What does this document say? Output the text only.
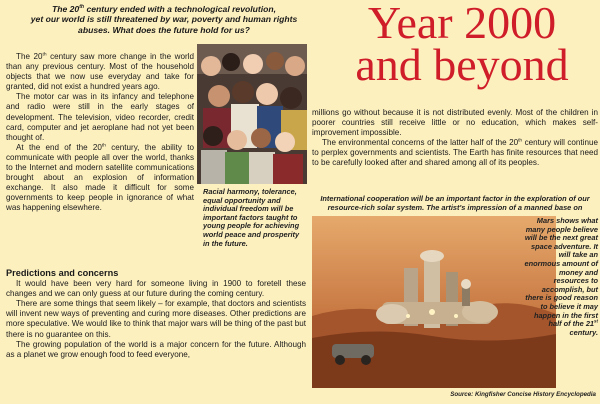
The 20th century ended with a technological revolution,
yet our world is still threatened by war, poverty and human rights
abuses. What does the future hold for us?	Year 2000
and beyond

The 20th century saw more change in the world than any previous century. Most of the household objects that we now use everyday and take for granted, did not exist a hundred years ago.

The motor car was in its infancy and telephone and radio were still in the early stages of development. The television, video recorder, credit card, computer and jet aeroplane had not yet been thought of.

At the end of the 20th century, the ability to communicate with people all over the world, thanks to the Internet and modern satellite communications brought about an explosion of information exchange. It also made it difficult for some governments to keep people in ignorance of what was happening elsewhere.

Racial harmony, tolerance, equal opportunity and individual freedom will be important factors taught to young people for achieving world peace and prosperity in the future.
Predictions and concerns

It would have been very hard for someone living in 1900 to foretell these changes and we can only guess at our future during the coming century.

There are some things that seem likely – for example, that doctors and scientists will invent new ways of preventing and curing more diseases. Other predictions are more speculative. We would like to think that major wars will be thing of the past but there is no guarantee on this.

The growing population of the world is a major concern for the future. Although as a planet we grow enough food to feed everyone,

millions go without because it is not distributed evenly. Most of the children in poorer countries still receive little or no education, which makes self-improvement impossible.

The environmental concerns of the latter half of the 20th century will continue to perplex governments and scientists. The Earth has finite resources that need to be carefully looked after and shared among all of its peoples.

International cooperation will be an important factor in the exploration of our resource-rich solar system. The artist's impression of a manned base on
Mars shows what many people believe will be the next great space adventure. It will take an enormous amount of money and resources to accomplish, but there is good reason to believe it may happen in the first half of the 21st century.
Source: Kingfisher Concise History Encyclopedia
